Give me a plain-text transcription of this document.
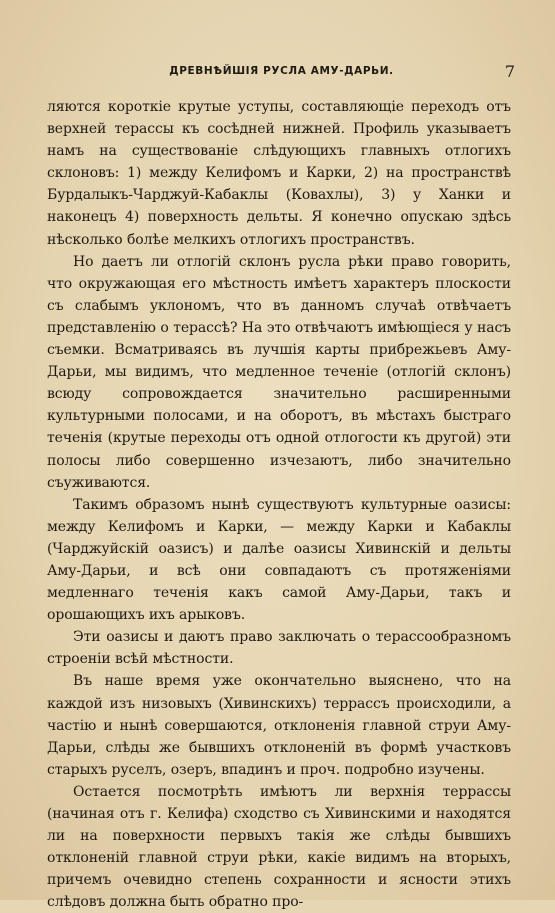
ДРЕВНѢЙШІЯ РУСЛА АМУ-ДАРЬИ.	7

ляются короткіе крутые уступы, составляющіе переходъ отъ верхней терассы къ сосѣдней нижней. Профиль указываетъ намъ на существованіе слѣдующихъ главныхъ отлогихъ склоновъ: 1) между Келифомъ и Карки, 2) на пространствѣ Бурдалыкъ-Чарджуй-Кабаклы (Ковахлы), 3) у Ханки и наконецъ 4) поверхность дельты. Я конечно опускаю здѣсь нѣсколько болѣе мелкихъ отлогихъ пространствъ.

Но даетъ ли отлогій склонъ русла рѣки право говорить, что окружающая его мѣстность имѣетъ характеръ плоскости съ слабымъ уклономъ, что въ данномъ случаѣ отвѣчаетъ представленію о терассѣ? На это отвѣчаютъ имѣющіеся у насъ съемки. Всматриваясь въ лучшія карты прибрежьевъ Аму-Дарьи, мы видимъ, что медленное теченіе (отлогій склонъ) всюду сопровождается значительно расширенными культурными полосами, и на оборотъ, въ мѣстахъ быстраго теченія (крутые переходы отъ одной отлогости къ другой) эти полосы либо совершенно изчезаютъ, либо значительно съуживаются.

Такимъ образомъ нынѣ существуютъ культурные оазисы: между Келифомъ и Карки, — между Карки и Кабаклы (Чарджуйскій оазисъ) и далѣе оазисы Хивинскій и дельты Аму-Дарьи, и всѣ они совпадаютъ съ протяженіями медленнаго теченія какъ самой Аму-Дарьи, такъ и орошающихъ ихъ арыковъ.

Эти оазисы и даютъ право заключать о терассообразномъ строеніи всѣй мѣстности.

Въ наше время уже окончательно выяснено, что на каждой изъ низовыхъ (Хивинскихъ) террассъ происходили, а частію и нынѣ совершаются, отклоненія главной струи Аму-Дарьи, слѣды же бывшихъ отклоненій въ формѣ участковъ старыхъ руселъ, озеръ, впадинъ и проч. подробно изучены.

Остается посмотрѣть имѣютъ ли верхнія террассы (начиная отъ г. Келифа) сходство съ Хивинскими и находятся ли на поверхности первыхъ такія же слѣды бывшихъ отклоненій главной струи рѣки, какіе видимъ на вторыхъ, причемъ очевидно степень сохранности и ясности этихъ слѣдовъ должна быть обратно про-
